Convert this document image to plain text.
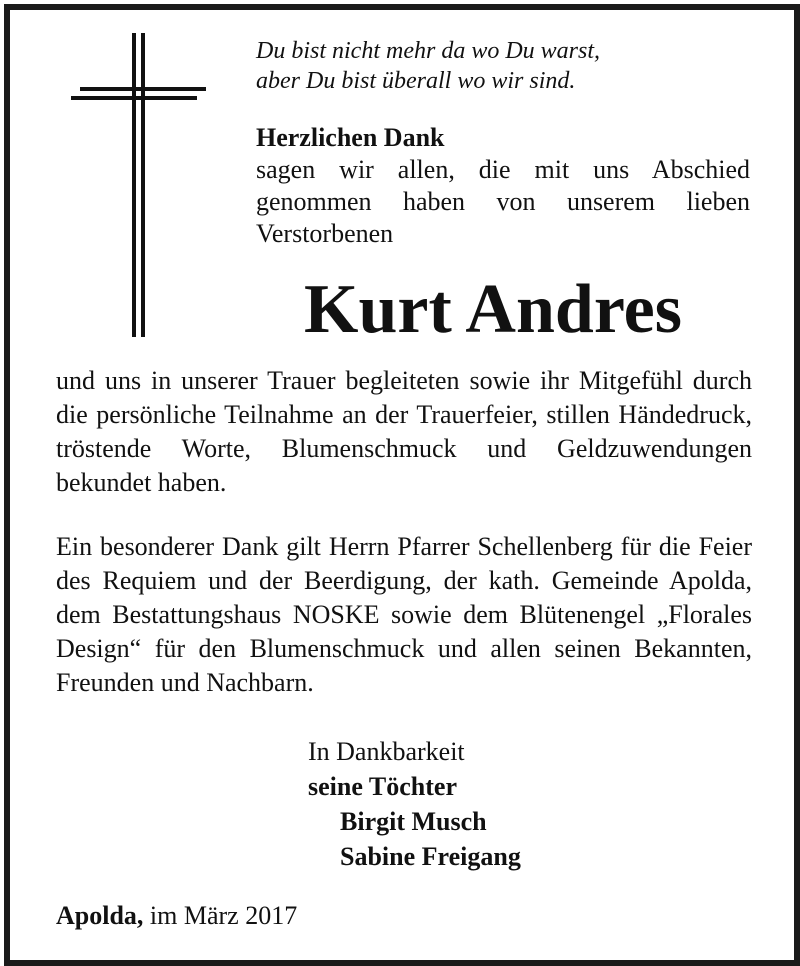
Du bist nicht mehr da wo Du warst,
aber Du bist überall wo wir sind.
Herzlichen Dank
sagen wir allen, die mit uns Abschied genommen haben von unserem lieben Verstorbenen
Kurt Andres
und uns in unserer Trauer begleiteten sowie ihr Mitgefühl durch die persönliche Teilnahme an der Trauerfeier, stillen Händedruck, tröstende Worte, Blumenschmuck und Geldzuwendungen bekundet haben.
Ein besonderer Dank gilt Herrn Pfarrer Schellenberg für die Feier des Requiem und der Beerdigung, der kath. Gemeinde Apolda, dem Bestattungshaus NOSKE sowie dem Blütenengel „Florales Design“ für den Blumenschmuck und allen seinen Bekannten, Freunden und Nachbarn.
In Dankbarkeit
seine Töchter
Birgit Musch
Sabine Freigang
Apolda, im März 2017
